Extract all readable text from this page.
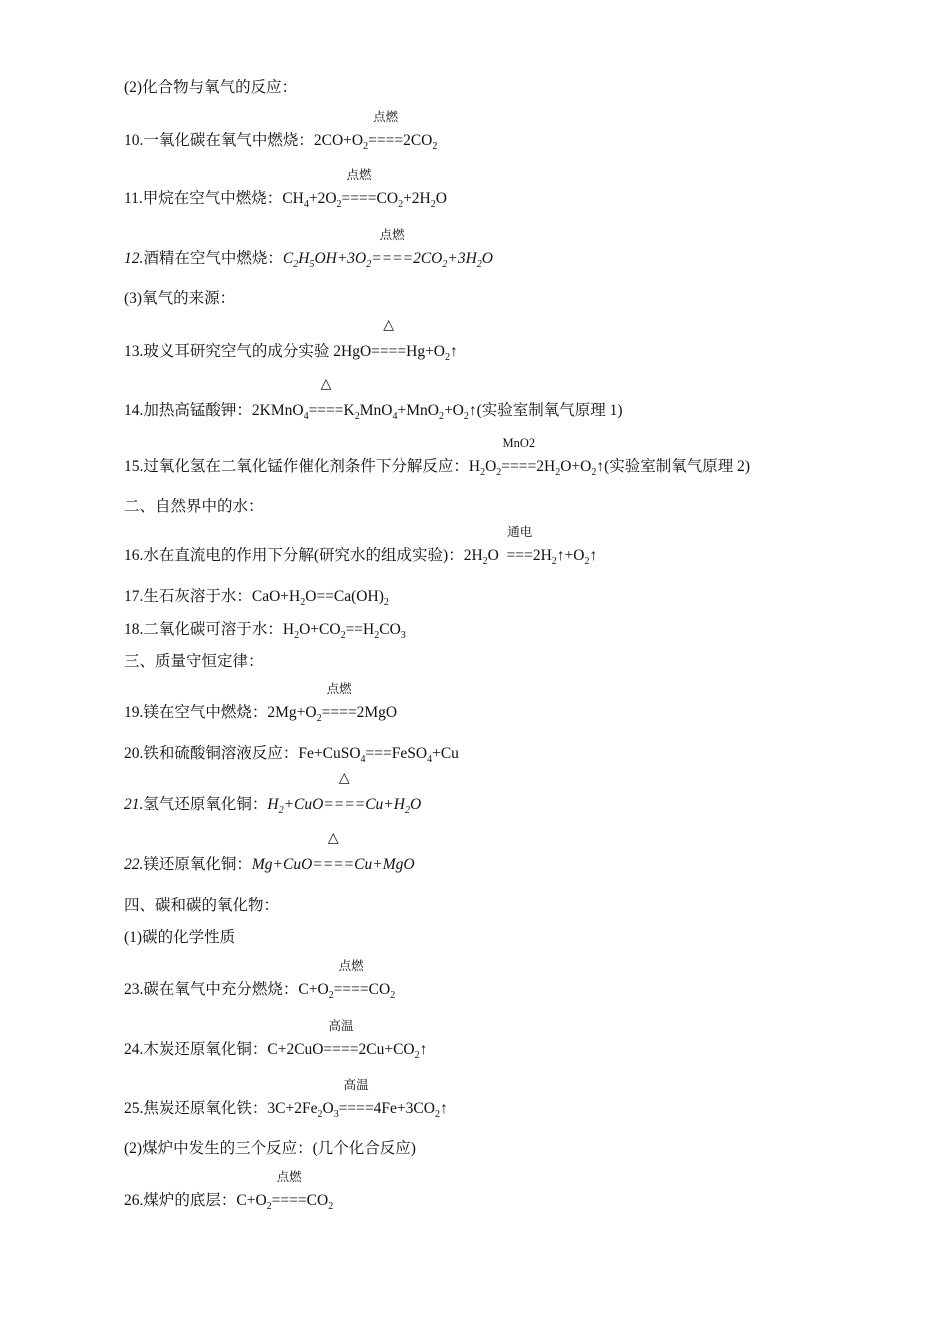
(2)化合物与氧气的反应：
10.一氧化碳在氧气中燃烧：$2CO+O_2$
点燃
$====2CO_2$
11.甲烷在空气中燃烧：$CH_4+2O_2$
点燃
$====CO_2+2H_2O$
12.酒精在空气中燃烧：$C_2H_5OH+3O_2$
点燃
$====2CO_2+3H_2O$
(3)氧气的来源：
13.玻义耳研究空气的成分实验 2HgO
△
$====Hg+O_2↑$
14.加热高锰酸钾：2KMnO$_4$
△
$====K_2MnO_4+MnO_2+O_2↑$(实验室制氧气原理 1)
15.过氧化氢在二氧化锰作催化剂条件下分解反应：$H_2O_2$
MnO2
$====2H_2O+O_2↑$(实验室制氧气原理 2)
二、自然界中的水：
16.水在直流电的作用下分解(研究水的组成实验)：$2H_2O$
通电
$===2H_2↑+O_2↑$
17.生石灰溶于水：$CaO+H_2O==Ca(OH)_2$
18.二氧化碳可溶于水：$H_2O+CO_2==H_2CO_3$
三、质量守恒定律：
19.镁在空气中燃烧：$2Mg+O_2$
点燃
====2MgO
20.铁和硫酸铜溶液反应：Fe+CuSO$_4$===FeSO$_4$+Cu
21.氢气还原氧化铜：$H_2+CuO$
△
$====Cu+H_2O$
22.镁还原氧化铜：Mg+CuO
△
====Cu+MgO
四、碳和碳的氧化物：
(1)碳的化学性质
23.碳在氧气中充分燃烧：$C+O_2$
点燃
$====CO_2$
24.木炭还原氧化铜：C+2CuO
高温
$====2Cu+CO_2↑$
25.焦炭还原氧化铁：$3C+2Fe_2O_3$
高温
$====4Fe+3CO_2↑$
(2)煤炉中发生的三个反应：(几个化合反应)
26.煤炉的底层：$C+O_2$
点燃
$====CO_2$
